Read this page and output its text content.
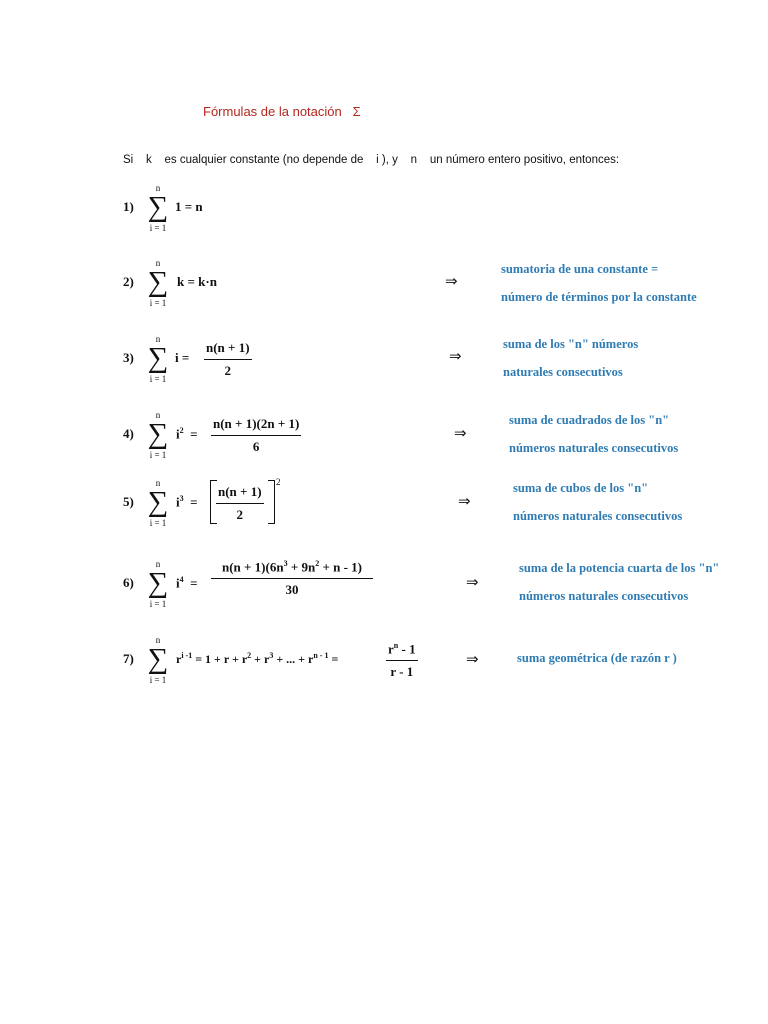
Fórmulas de la notación   Σ
Si    k    es cualquier constante (no depende de    i ), y    n    un número entero positivo, entonces:
1)
n
∑
i = 1
1 = n
2)
n
∑
i = 1
k = k·n	⇒
sumatoria de una constante =
número de términos por la constante
3)
n
∑
i = 1
$i = \frac{n(n + 1)}{2}$	⇒
suma de los "n" números
naturales consecutivos
4)
n
∑
i = 1
$i^2 = \frac{n(n + 1)(2n + 1)}{6}$	⇒
suma de cuadrados de los "n"
números naturales consecutivos
5)
n
∑
i = 1
$i^3 = \frac{n(n + 1)}{2}$
2
⇒
suma de cubos de los "n"
números naturales consecutivos
6)
n
∑
i = 1
$i^4 = \frac{n(n + 1)(6n^3 + 9n^2 + n - 1)}{30}$	⇒
suma de la potencia cuarta de los "n"
números naturales consecutivos
7)
n
∑
i = 1
$r^{i -1} = 1 + r + r^2 + r^3$ + ... + $r^{n - 1}$ =	$\frac{r^n - 1}{r - 1}$	⇒	suma geométrica (de razón r )
